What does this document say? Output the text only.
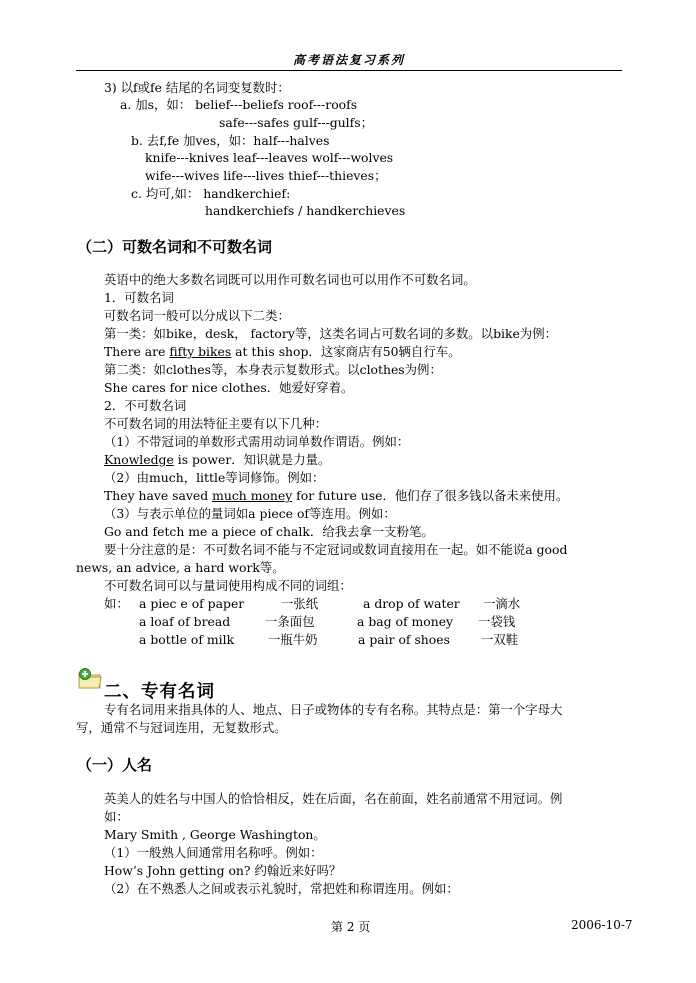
高考语法复习系列
3) 以f或fe 结尾的名词变复数时：
a. 加s，如： belief---beliefs roof---roofs
safe---safes gulf---gulfs；
b. 去f,fe 加ves，如：half---halves
knife---knives leaf---leaves wolf---wolves
wife---wives life---lives thief---thieves；
c. 均可,如： handkerchief:
handkerchiefs / handkerchieves
（二）可数名词和不可数名词
英语中的绝大多数名词既可以用作可数名词也可以用作不可数名词。
1．可数名词
可数名词一般可以分成以下二类：
第一类：如bike，desk， factory等，这类名词占可数名词的多数。以bike为例：
There are fifty bikes at this shop．这家商店有50辆自行车。
第二类：如clothes等，本身表示复数形式。以clothes为例：
She cares for nice clothes．她爱好穿着。
2．不可数名词
不可数名词的用法特征主要有以下几种：
（1）不带冠词的单数形式需用动词单数作谓语。例如：
Knowledge is power．知识就是力量。
（2）由much，little等词修饰。例如：
They have saved much money for future use．他们存了很多钱以备未来使用。
（3）与表示单位的量词如a piece of等连用。例如：
Go and fetch me a piece of chalk．给我去拿一支粉笔。
要十分注意的是：不可数名词不能与不定冠词或数词直接用在一起。如不能说a good
news, an advice, a hard work等。
不可数名词可以与量词使用构成不同的词组：
如： a piec e of paper	一张纸	a drop of water 一滴水
a loaf of bread	一条面包	a bag of money 一袋钱
a bottle of milk	一瓶牛奶	a pair of shoes	一双鞋
二、专有名词
专有名词用来指具体的人、地点、日子或物体的专有名称。其特点是：第一个字母大
写，通常不与冠词连用，无复数形式。
（一）人名
英美人的姓名与中国人的恰恰相反，姓在后面，名在前面，姓名前通常不用冠词。例
如：
Mary Smith , George Washington。
（1）一般熟人间通常用名称呼。例如：
How’s John getting on? 约翰近来好吗？
（2）在不熟悉人之间或表示礼貌时，常把姓和称谓连用。例如：
第 2 页	2006-10-7
